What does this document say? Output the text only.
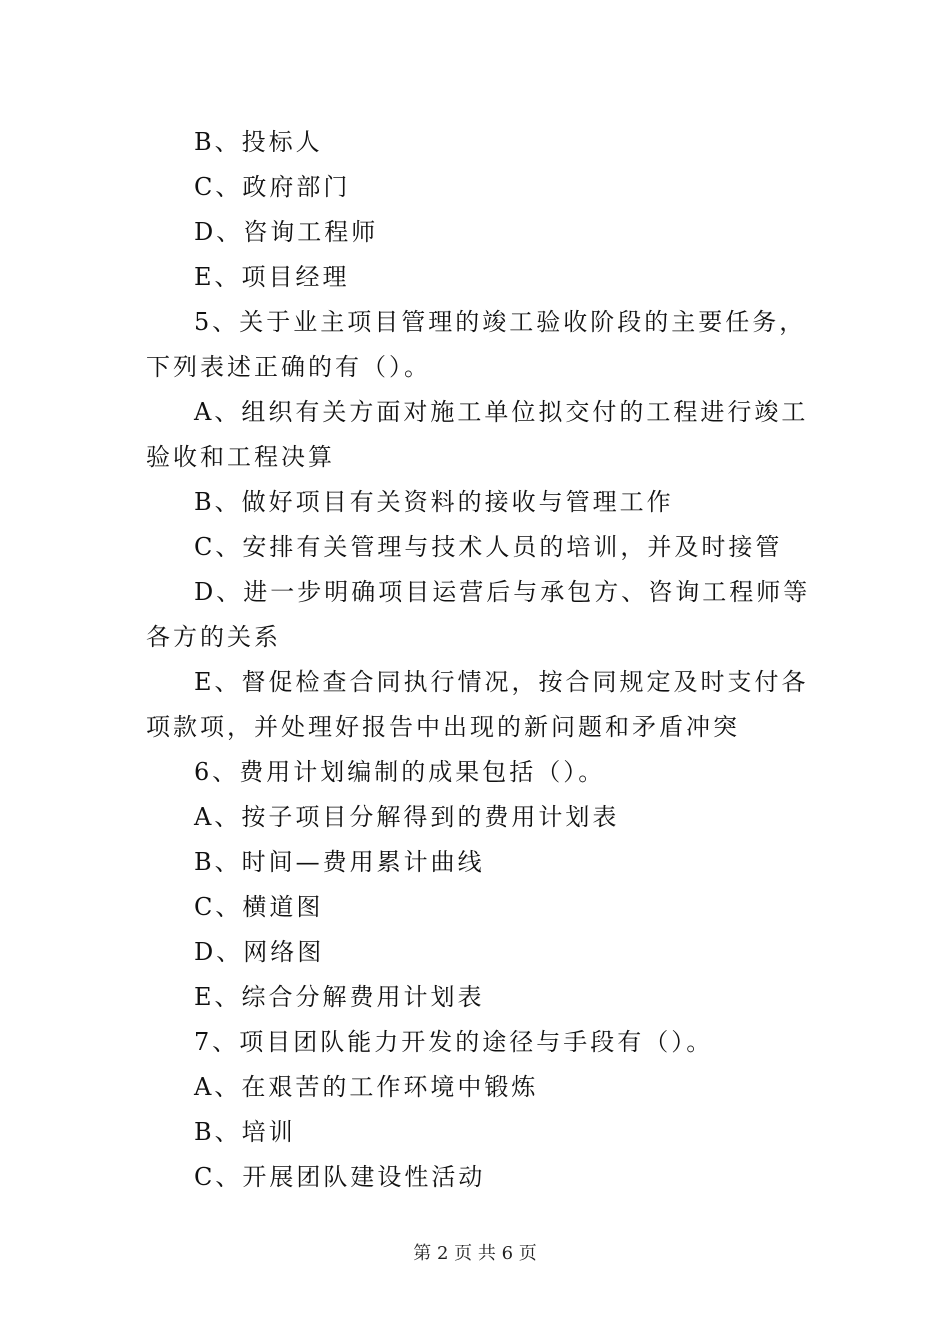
B、投标人

C、政府部门

D、咨询工程师

E、项目经理

5、关于业主项目管理的竣工验收阶段的主要任务，下列表述正确的有（）。

A、组织有关方面对施工单位拟交付的工程进行竣工验收和工程决算

B、做好项目有关资料的接收与管理工作

C、安排有关管理与技术人员的培训，并及时接管

D、进一步明确项目运营后与承包方、咨询工程师等各方的关系

E、督促检查合同执行情况，按合同规定及时支付各项款项，并处理好报告中出现的新问题和矛盾冲突

6、费用计划编制的成果包括（）。

A、按子项目分解得到的费用计划表

B、时间—费用累计曲线

C、横道图

D、网络图

E、综合分解费用计划表

7、项目团队能力开发的途径与手段有（）。

A、在艰苦的工作环境中锻炼

B、培训

C、开展团队建设性活动

第 2 页 共 6 页
